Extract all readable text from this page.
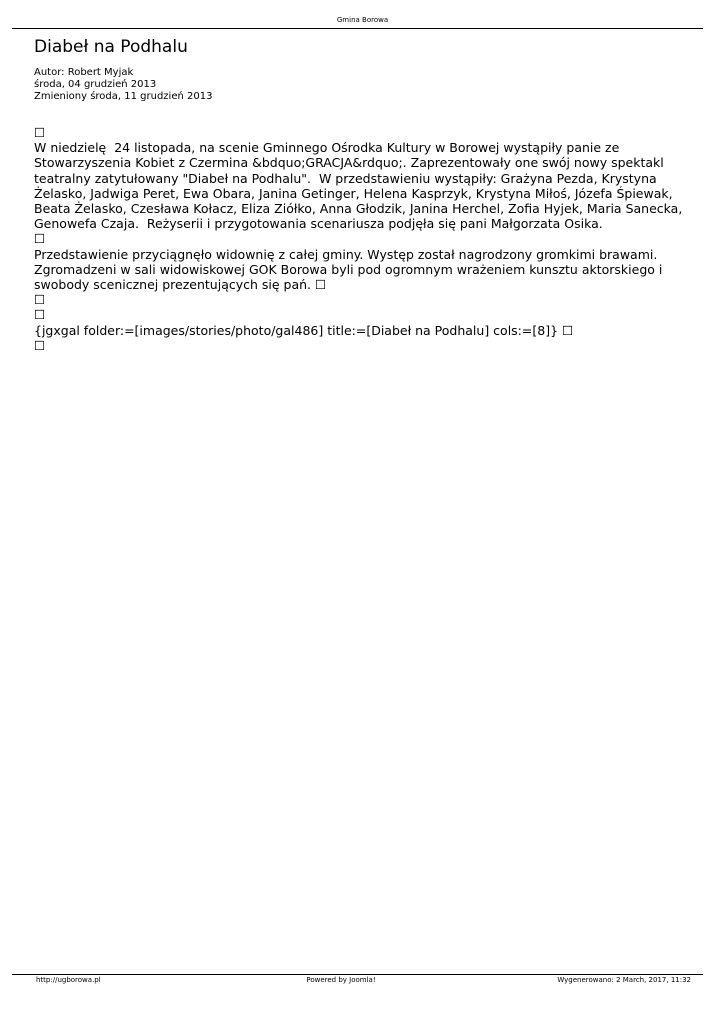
Gmina Borowa
Diabeł na Podhalu
Autor: Robert Myjak
środa, 04 grudzień 2013
Zmieniony środa, 11 grudzień 2013
☐
W niedzielę  24 listopada, na scenie Gminnego Ośrodka Kultury w Borowej wystąpiły panie ze Stowarzyszenia Kobiet z Czermina &bdquo;GRACJA&rdquo;. Zaprezentowały one swój nowy spektakl teatralny zatytułowany "Diabeł na Podhalu".  W przedstawieniu wystąpiły: Grażyna Pezda, Krystyna Żelasko, Jadwiga Peret, Ewa Obara, Janina Getinger, Helena Kasprzyk, Krystyna Miłoś, Józefa Śpiewak, Beata Żelasko, Czesława Kołacz, Eliza Ziółko, Anna Głodzik, Janina Herchel, Zofia Hyjek, Maria Sanecka, Genowefa Czaja.  Reżyserii i przygotowania scenariusza podjęła się pani Małgorzata Osika.
☐
Przedstawienie przyciągnęło widownię z całej gminy. Występ został nagrodzony gromkimi brawami. Zgromadzeni w sali widowiskowej GOK Borowa byli pod ogromnym wrażeniem kunsztu aktorskiego i swobody scenicznej prezentujących się pań. ☐
☐
☐
{jgxgal folder:=[images/stories/photo/gal486] title:=[Diabeł na Podhalu] cols:=[8]} ☐
☐
http://ugborowa.pl	Powered by Joomla!	Wygenerowano: 2 March, 2017, 11:32
